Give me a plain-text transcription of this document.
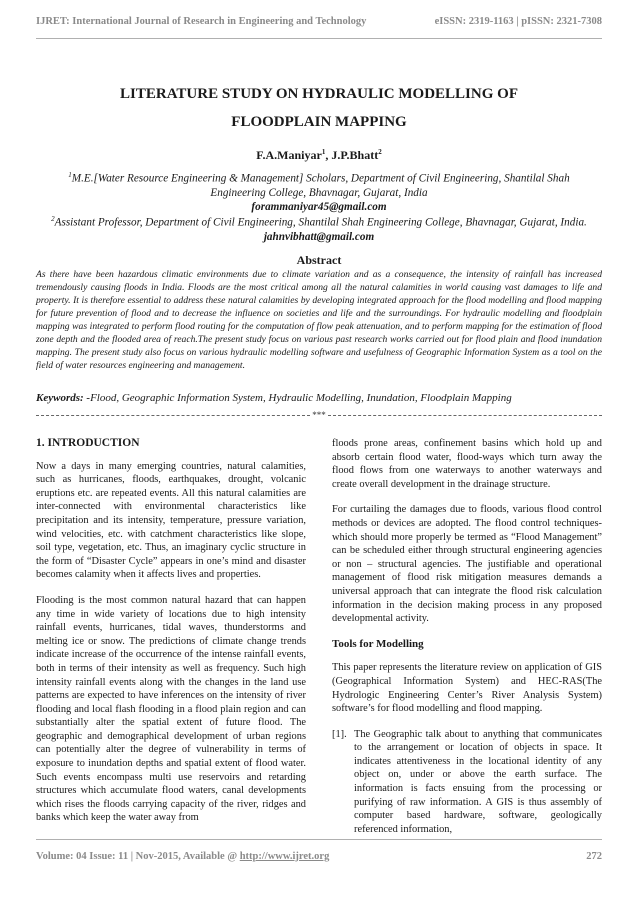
IJRET: International Journal of Research in Engineering and Technology	eISSN: 2319-1163 | pISSN: 2321-7308
LITERATURE STUDY ON HYDRAULIC MODELLING OF
FLOODPLAIN MAPPING
F.A.Maniyar$^1$, J.P.Bhatt$^2$
$^1$M.E.[Water Resource Engineering & Management] Scholars, Department of Civil Engineering, Shantilal Shah Engineering College, Bhavnagar, Gujarat, India
forammaniyar45@gmail.com
$^2$Assistant Professor, Department of Civil Engineering, Shantilal Shah Engineering College, Bhavnagar, Gujarat, India. jahnvibhatt@gmail.com
Abstract
As there have been hazardous climatic environments due to climate variation and as a consequence, the intensity of rainfall has increased tremendously causing floods in India. Floods are the most critical among all the natural calamities in world causing vast damages to life and property. It is therefore essential to address these natural calamities by developing integrated approach for the flood modelling and flood mapping for future prevention of flood and to decrease the influence on societies and life and the surroundings. For hydraulic modelling and floodplain mapping was integrated to perform flood routing for the computation of flow peak attenuation, and to perform mapping for the estimation of flood zone depth and the flooded area of reach.The present study focus on various past research works carried out for flood plain and flood inundation mapping. The present study also focus on various hydraulic modelling software and usefulness of Geographic Information System as a tool on the field of water resources engineering and management.
Keywords: -Flood, Geographic Information System, Hydraulic Modelling, Inundation, Floodplain Mapping
***
1. INTRODUCTION

Now a days in many emerging countries, natural calamities, such as hurricanes, floods, earthquakes, drought, volcanic eruptions etc. are repeated events. All this natural calamities are inter-connected with environmental characteristics like precipitation and its intensity, temperature, pressure variation, wind velocities, etc. with catchment characteristics like slope, soil type, vegetation, etc. Thus, an imaginary cyclic structure in the form of “Disaster Cycle” appears in one’s mind and disaster becomes calamity when it affects lives and properties.

Flooding is the most common natural hazard that can happen any time in wide variety of locations due to high intensity rainfall events, hurricanes, tidal waves, thunderstorms and melting ice or snow. The predictions of climate change trends indicate increase of the occurrence of the intense rainfall events, both in terms of their intensity as well as frequency. Such high intensity rainfall events along with the changes in the land use patterns are expected to have inferences on the intensity of river flooding and local flash flooding in a flood plain region and can substantially alter the spatial extent of future flood. The geographic and demographical development of urban regions can potentially alter the degree of vulnerability in terms of exposure to inundation depths and spatial extent of flood water. Such events encompass multi use reservoirs and retarding structures which accumulate flood waters, canal developments which rises the floods carrying capacity of the river, ridges and banks which keep the water away from

floods prone areas, confinement basins which hold up and absorb certain flood water, flood-ways which turn away the flood flows from one waterways to another waterways and create overall development in the drainage structure.

For curtailing the damages due to floods, various flood control methods or devices are adopted. The flood control techniques- which should more properly be termed as “Flood Management” can be scheduled either through structural engineering agencies or non – structural agencies. The justifiable and operational management of flood risk mitigation measures demands a universal approach that can integrate the flood risk calculation information in the decision making process in any proposed developmental activity.

Tools for Modelling

This paper represents the literature review on application of GIS (Geographical Information System) and HEC-RAS(The Hydrologic Engineering Center’s River Analysis System) software’s for flood modelling and flood mapping.

[1]. The Geographic talk about to anything that communicates to the arrangement or location of objects in space. It indicates attentiveness in the locational identity of any object on, under or above the earth surface. The information is facts ensuing from the processing or purifying of raw information. A GIS is thus assembly of computer based hardware, software, geologically referenced information,
Volume: 04 Issue: 11 | Nov-2015, Available @ http://www.ijret.org	272
